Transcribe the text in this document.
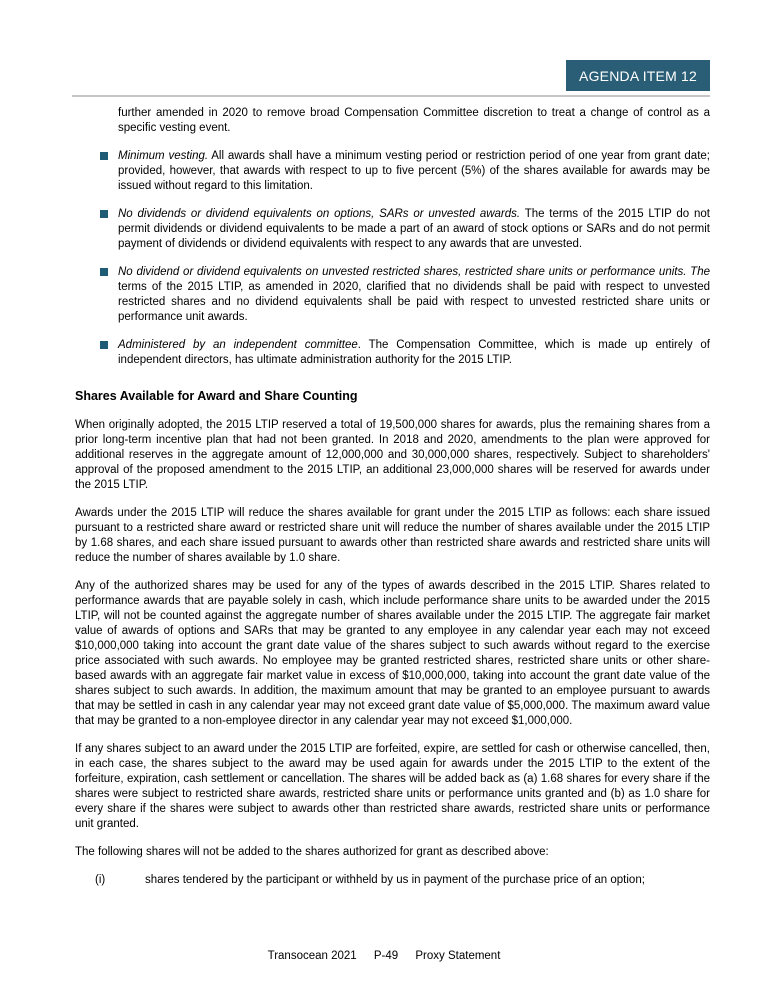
AGENDA ITEM 12

further amended in 2020 to remove broad Compensation Committee discretion to treat a change of control as a specific vesting event.

Minimum vesting. All awards shall have a minimum vesting period or restriction period of one year from grant date; provided, however, that awards with respect to up to five percent (5%) of the shares available for awards may be issued without regard to this limitation.
No dividends or dividend equivalents on options, SARs or unvested awards. The terms of the 2015 LTIP do not permit dividends or dividend equivalents to be made a part of an award of stock options or SARs and do not permit payment of dividends or dividend equivalents with respect to any awards that are unvested.
No dividend or dividend equivalents on unvested restricted shares, restricted share units or performance units. The terms of the 2015 LTIP, as amended in 2020, clarified that no dividends shall be paid with respect to unvested restricted shares and no dividend equivalents shall be paid with respect to unvested restricted share units or performance unit awards.
Administered by an independent committee. The Compensation Committee, which is made up entirely of independent directors, has ultimate administration authority for the 2015 LTIP.
Shares Available for Award and Share Counting

When originally adopted, the 2015 LTIP reserved a total of 19,500,000 shares for awards, plus the remaining shares from a prior long-term incentive plan that had not been granted. In 2018 and 2020, amendments to the plan were approved for additional reserves in the aggregate amount of 12,000,000 and 30,000,000 shares, respectively. Subject to shareholders' approval of the proposed amendment to the 2015 LTIP, an additional 23,000,000 shares will be reserved for awards under the 2015 LTIP.

Awards under the 2015 LTIP will reduce the shares available for grant under the 2015 LTIP as follows: each share issued pursuant to a restricted share award or restricted share unit will reduce the number of shares available under the 2015 LTIP by 1.68 shares, and each share issued pursuant to awards other than restricted share awards and restricted share units will reduce the number of shares available by 1.0 share.

Any of the authorized shares may be used for any of the types of awards described in the 2015 LTIP. Shares related to performance awards that are payable solely in cash, which include performance share units to be awarded under the 2015 LTIP, will not be counted against the aggregate number of shares available under the 2015 LTIP. The aggregate fair market value of awards of options and SARs that may be granted to any employee in any calendar year each may not exceed $10,000,000 taking into account the grant date value of the shares subject to such awards without regard to the exercise price associated with such awards. No employee may be granted restricted shares, restricted share units or other share-based awards with an aggregate fair market value in excess of $10,000,000, taking into account the grant date value of the shares subject to such awards. In addition, the maximum amount that may be granted to an employee pursuant to awards that may be settled in cash in any calendar year may not exceed grant date value of $5,000,000. The maximum award value that may be granted to a non-employee director in any calendar year may not exceed $1,000,000.

If any shares subject to an award under the 2015 LTIP are forfeited, expire, are settled for cash or otherwise cancelled, then, in each case, the shares subject to the award may be used again for awards under the 2015 LTIP to the extent of the forfeiture, expiration, cash settlement or cancellation. The shares will be added back as (a) 1.68 shares for every share if the shares were subject to restricted share awards, restricted share units or performance units granted and (b) as 1.0 share for every share if the shares were subject to awards other than restricted share awards, restricted share units or performance unit granted.

The following shares will not be added to the shares authorized for grant as described above:

(i)	shares tendered by the participant or withheld by us in payment of the purchase price of an option;
Transocean 2021 P-49 Proxy Statement
